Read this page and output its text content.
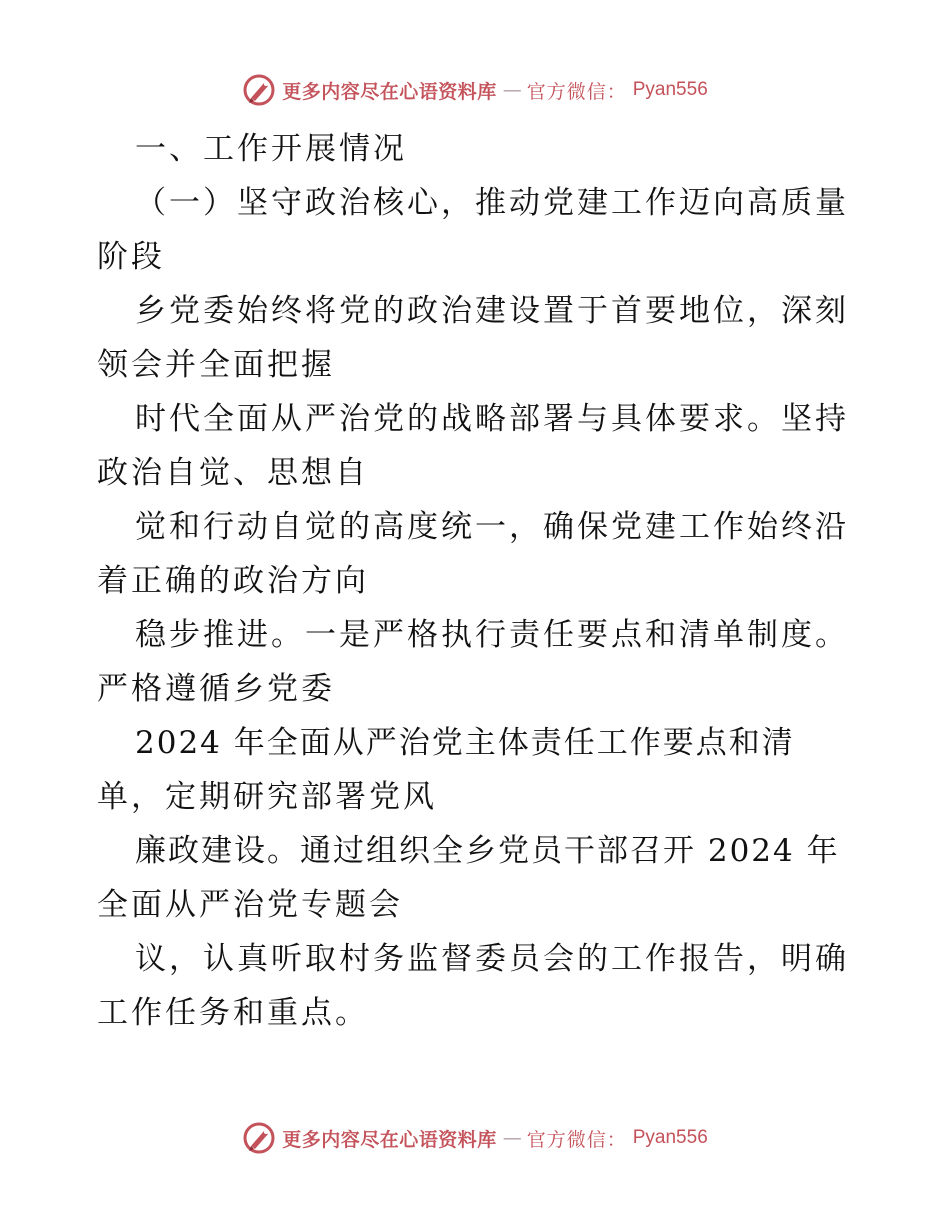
更多内容尽在心语资料库 — 官方微信： Pyan556
一、工作开展情况
（一）坚守政治核心，推动党建工作迈向高质量
阶段
乡党委始终将党的政治建设置于首要地位，深刻
领会并全面把握
时代全面从严治党的战略部署与具体要求。坚持
政治自觉、思想自
觉和行动自觉的高度统一，确保党建工作始终沿
着正确的政治方向
稳步推进。一是严格执行责任要点和清单制度。
严格遵循乡党委
2024 年全面从严治党主体责任工作要点和清
单，定期研究部署党风
廉政建设。通过组织全乡党员干部召开 2024 年
全面从严治党专题会
议，认真听取村务监督委员会的工作报告，明确
工作任务和重点。
更多内容尽在心语资料库 — 官方微信： Pyan556
